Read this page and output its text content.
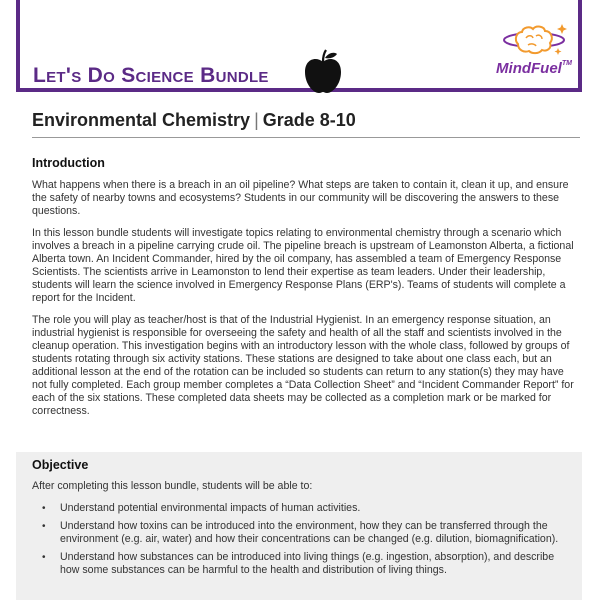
Let's Do Science Bundle	MindFuel™
Environmental Chemistry | Grade 8-10
Introduction

What happens when there is a breach in an oil pipeline? What steps are taken to contain it, clean it up, and ensure the safety of nearby towns and ecosystems? Students in our community will be discovering the answers to these questions.

In this lesson bundle students will investigate topics relating to environmental chemistry through a scenario which involves a breach in a pipeline carrying crude oil. The pipeline breach is upstream of Leamonston Alberta, a fictional Alberta town. An Incident Commander, hired by the oil company, has assembled a team of Emergency Response Scientists. The scientists arrive in Leamonston to lend their expertise as team leaders. Under their leadership, students will learn the science involved in Emergency Response Plans (ERP's). Teams of students will complete a report for the Incident.

The role you will play as teacher/host is that of the Industrial Hygienist. In an emergency response situation, an industrial hygienist is responsible for overseeing the safety and health of all the staff and scientists involved in the cleanup operation. This investigation begins with an introductory lesson with the whole class, followed by groups of students rotating through six activity stations. These stations are designed to take about one class each, but an additional lesson at the end of the rotation can be included so students can return to any station(s) they may have not fully completed. Each group member completes a “Data Collection Sheet” and “Incident Commander Report” for each of the six stations. These completed data sheets may be collected as a completion mark or be marked for correctness.

Objective

After completing this lesson bundle, students will be able to:

• Understand potential environmental impacts of human activities.
• Understand how toxins can be introduced into the environment, how they can be transferred through the environment (e.g. air, water) and how their concentrations can be changed (e.g. dilution, biomagnification).
• Understand how substances can be introduced into living things (e.g. ingestion, absorption), and describe how some substances can be harmful to the health and distribution of living things.
